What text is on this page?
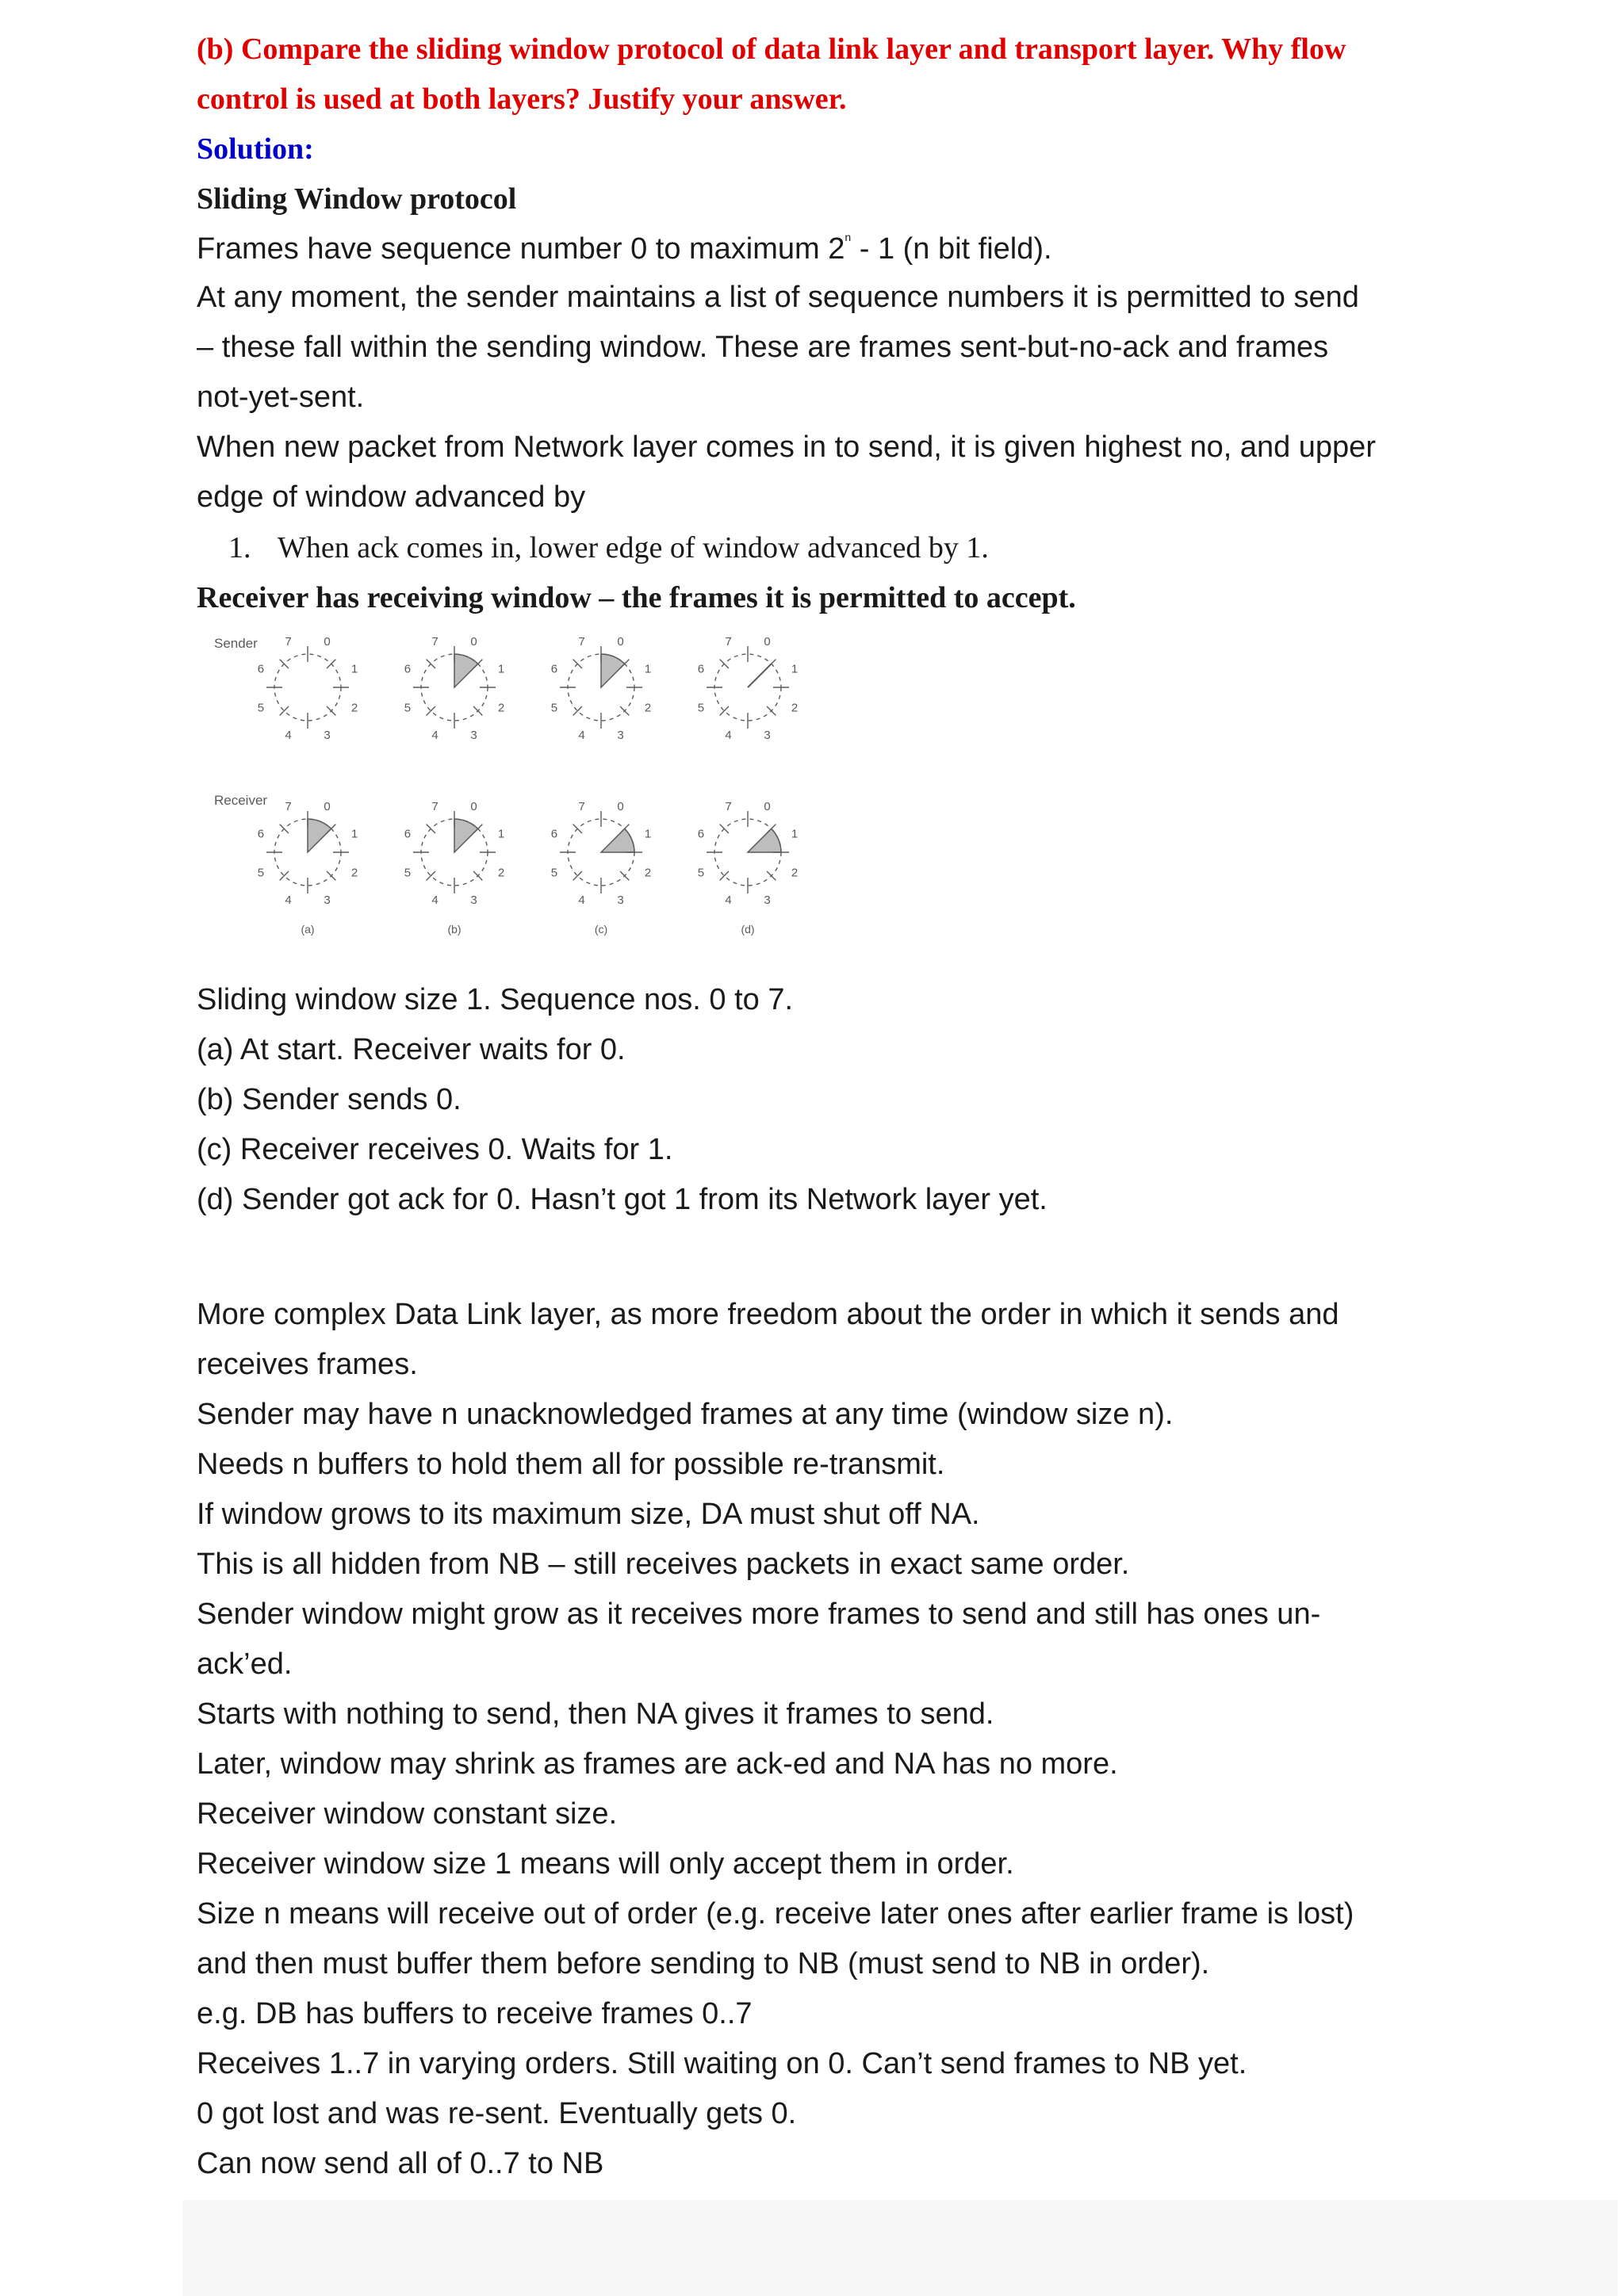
(b) Compare the sliding window protocol of data link layer and transport layer. Why flow
control is used at both layers? Justify your answer.
Solution:
Sliding Window protocol
Frames have sequence number 0 to maximum 2$^n$ - 1 (n bit field).
At any moment, the sender maintains a list of sequence numbers it is permitted to send
– these fall within the sending window. These are frames sent-but-no-ack and frames
not-yet-sent.
When new packet from Network layer comes in to send, it is given highest no, and upper
edge of window advanced by
1. When ack comes in, lower edge of window advanced by 1.
Receiver has receiving window – the frames it is permitted to accept.
Sender
Receiver
0
1
2
3
4
5
6
7	0
1
2
3
4
5
6
7	0
1
2
3
4
5
6
7	0
1
2
3
4
5
6
7
0
1
2
3
4
5
6
7
(a)
0
1
2
3
4
5
6
7
(b)
0
1
2
3
4
5
6
7
(c)
0
1
2
3
4
5
6
7
(d)
Sliding window size 1. Sequence nos. 0 to 7.
(a) At start. Receiver waits for 0.
(b) Sender sends 0.
(c) Receiver receives 0. Waits for 1.
(d) Sender got ack for 0. Hasn’t got 1 from its Network layer yet.
More complex Data Link layer, as more freedom about the order in which it sends and
receives frames.
Sender may have n unacknowledged frames at any time (window size n).
Needs n buffers to hold them all for possible re-transmit.
If window grows to its maximum size, DA must shut off NA.
This is all hidden from NB – still receives packets in exact same order.
Sender window might grow as it receives more frames to send and still has ones un-
ack’ed.
Starts with nothing to send, then NA gives it frames to send.
Later, window may shrink as frames are ack-ed and NA has no more.
Receiver window constant size.
Receiver window size 1 means will only accept them in order.
Size n means will receive out of order (e.g. receive later ones after earlier frame is lost)
and then must buffer them before sending to NB (must send to NB in order).
e.g. DB has buffers to receive frames 0..7
Receives 1..7 in varying orders. Still waiting on 0. Can’t send frames to NB yet.
0 got lost and was re-sent. Eventually gets 0.
Can now send all of 0..7 to NB
